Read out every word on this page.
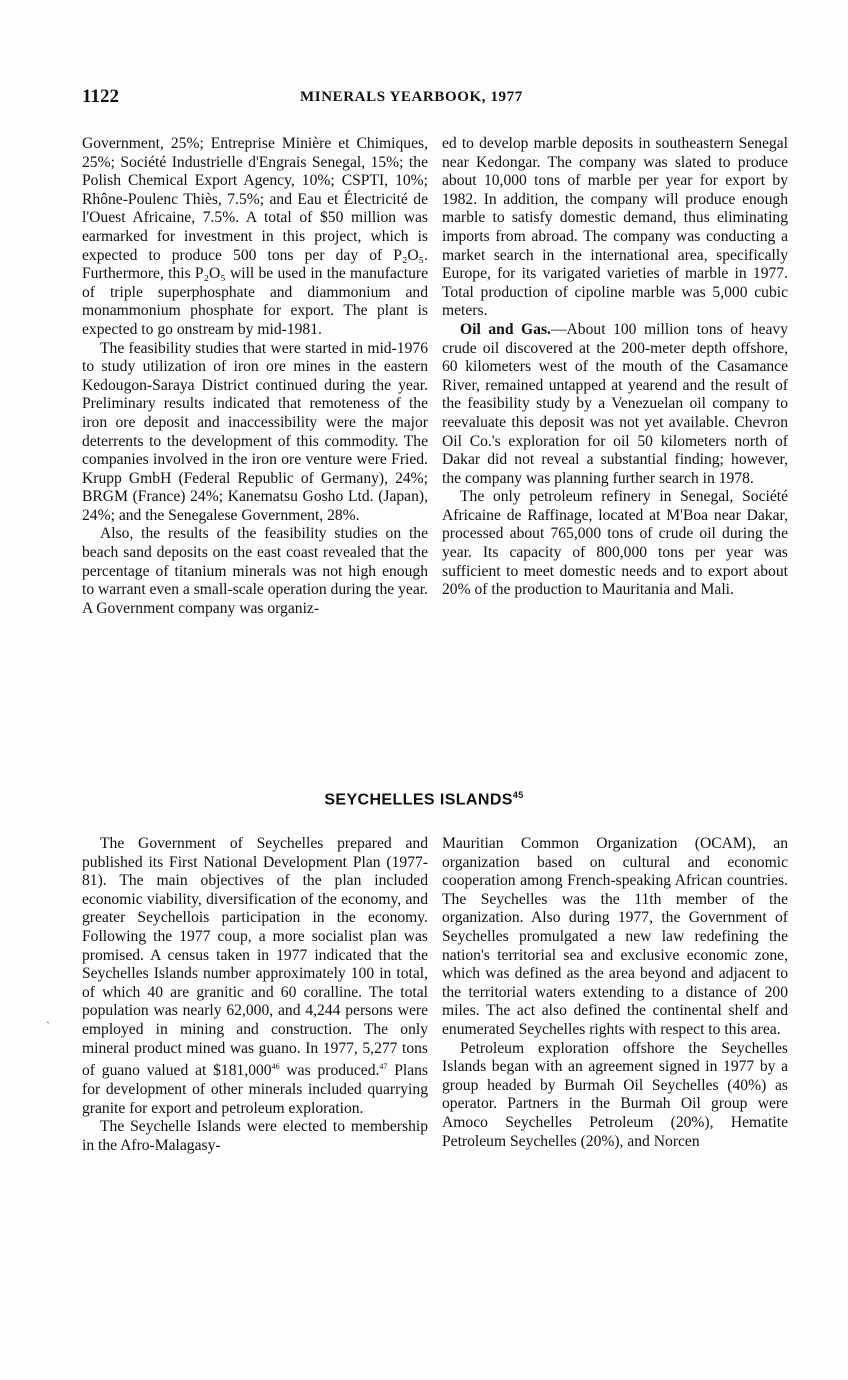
1122	MINERALS YEARBOOK, 1977

Government, 25%; Entreprise Minière et Chimiques, 25%; Société Industrielle d'Engrais Senegal, 15%; the Polish Chemical Export Agency, 10%; CSPTI, 10%; Rhône-Poulenc Thiès, 7.5%; and Eau et Électricité de l'Ouest Africaine, 7.5%. A total of $50 million was earmarked for investment in this project, which is expected to produce 500 tons per day of P₂O₅. Furthermore, this P₂O₅ will be used in the manufacture of triple superphosphate and diammonium and monammonium phosphate for export. The plant is expected to go onstream by mid-1981.

The feasibility studies that were started in mid-1976 to study utilization of iron ore mines in the eastern Kedougon-Saraya District continued during the year. Preliminary results indicated that remoteness of the iron ore deposit and inaccessibility were the major deterrents to the development of this commodity. The companies involved in the iron ore venture were Fried. Krupp GmbH (Federal Republic of Germany), 24%; BRGM (France) 24%; Kanematsu Gosho Ltd. (Japan), 24%; and the Senegalese Government, 28%.

Also, the results of the feasibility studies on the beach sand deposits on the east coast revealed that the percentage of titanium minerals was not high enough to warrant even a small-scale operation during the year. A Government company was organiz-

ed to develop marble deposits in southeastern Senegal near Kedongar. The company was slated to produce about 10,000 tons of marble per year for export by 1982. In addition, the company will produce enough marble to satisfy domestic demand, thus eliminating imports from abroad. The company was conducting a market search in the international area, specifically Europe, for its varigated varieties of marble in 1977. Total production of cipoline marble was 5,000 cubic meters.

Oil and Gas.—About 100 million tons of heavy crude oil discovered at the 200-meter depth offshore, 60 kilometers west of the mouth of the Casamance River, remained untapped at yearend and the result of the feasibility study by a Venezuelan oil company to reevaluate this deposit was not yet available. Chevron Oil Co.'s exploration for oil 50 kilometers north of Dakar did not reveal a substantial finding; however, the company was planning further search in 1978.

The only petroleum refinery in Senegal, Société Africaine de Raffinage, located at M'Boa near Dakar, processed about 765,000 tons of crude oil during the year. Its capacity of 800,000 tons per year was sufficient to meet domestic needs and to export about 20% of the production to Mauritania and Mali.

SEYCHELLES ISLANDS$^{45}$

The Government of Seychelles prepared and published its First National Development Plan (1977-81). The main objectives of the plan included economic viability, diversification of the economy, and greater Seychellois participation in the economy. Following the 1977 coup, a more socialist plan was promised. A census taken in 1977 indicated that the Seychelles Islands number approximately 100 in total, of which 40 are granitic and 60 coralline. The total population was nearly 62,000, and 4,244 persons were employed in mining and construction. The only mineral product mined was guano. In 1977, 5,277 tons of guano valued at $181,000$^{46}$ was produced.$^{47}$ Plans for development of other minerals included quarrying granite for export and petroleum exploration.

The Seychelle Islands were elected to membership in the Afro-Malagasy-

Mauritian Common Organization (OCAM), an organization based on cultural and economic cooperation among French-speaking African countries. The Seychelles was the 11th member of the organization. Also during 1977, the Government of Seychelles promulgated a new law redefining the nation's territorial sea and exclusive economic zone, which was defined as the area beyond and adjacent to the territorial waters extending to a distance of 200 miles. The act also defined the continental shelf and enumerated Seychelles rights with respect to this area.

Petroleum exploration offshore the Seychelles Islands began with an agreement signed in 1977 by a group headed by Burmah Oil Seychelles (40%) as operator. Partners in the Burmah Oil group were Amoco Seychelles Petroleum (20%), Hematite Petroleum Seychelles (20%), and Norcen

ˎ
